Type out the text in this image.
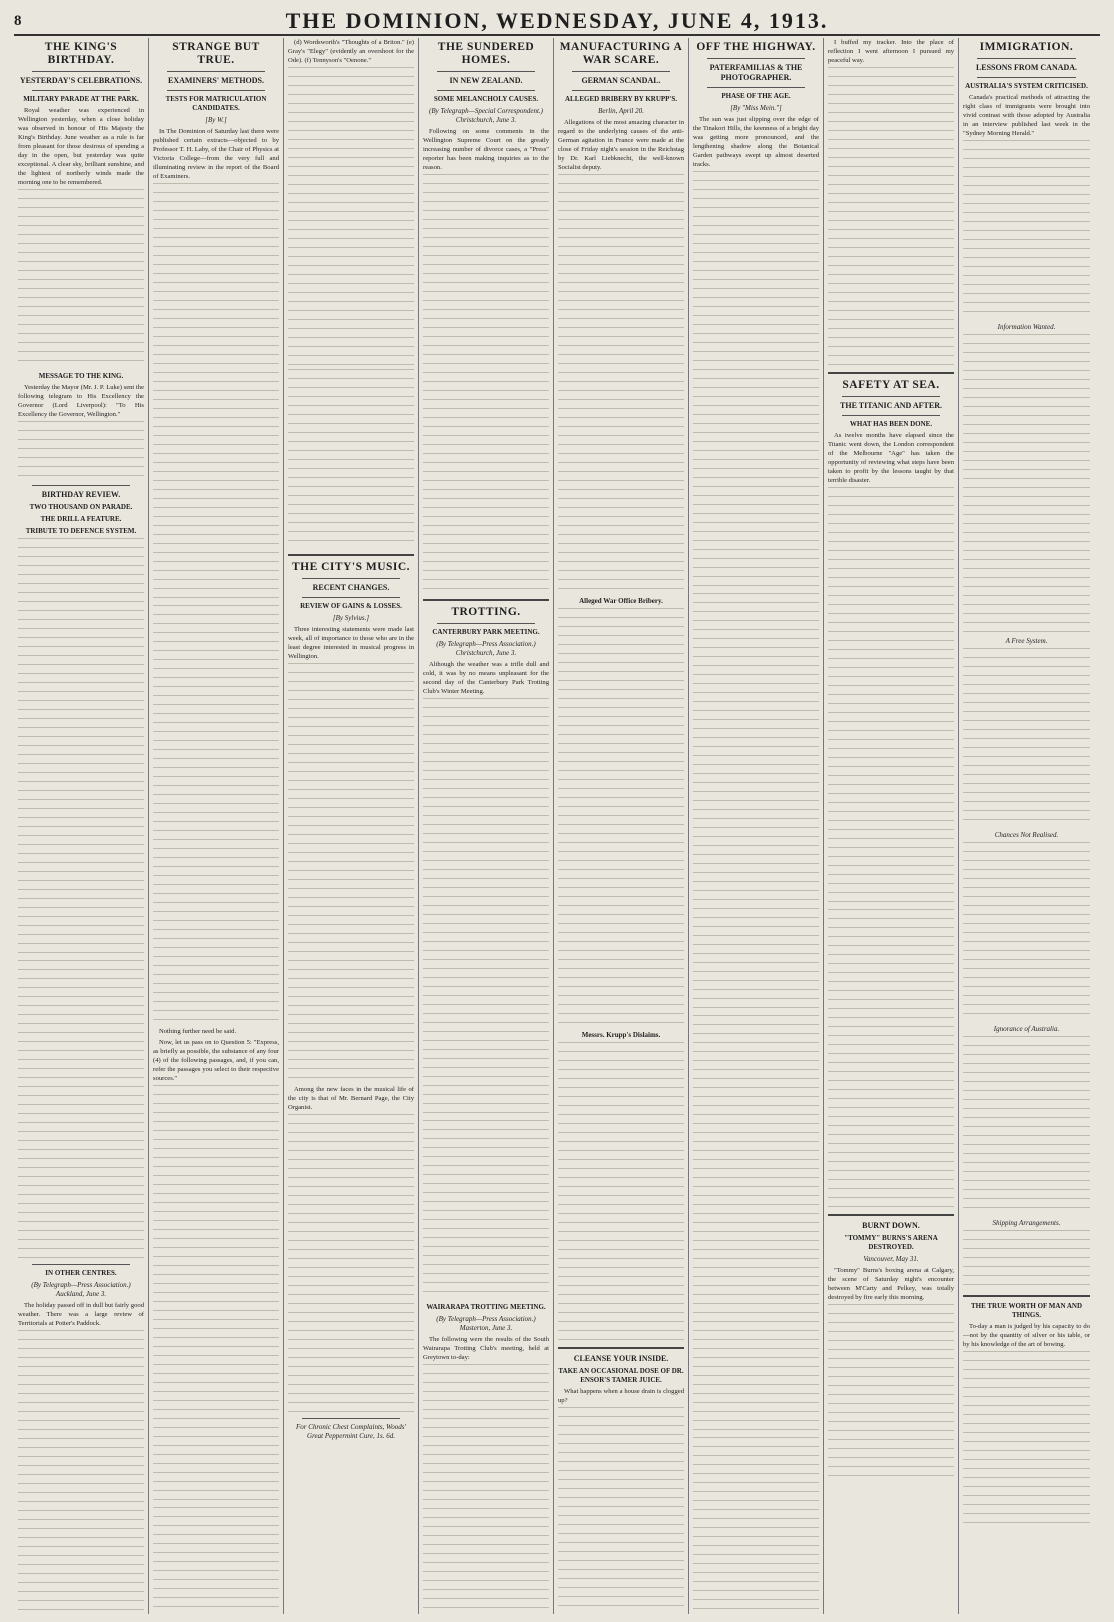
8	THE DOMINION, WEDNESDAY, JUNE 4, 1913.
THE KING'S BIRTHDAY.
YESTERDAY'S CELEBRATIONS.
MILITARY PARADE AT THE PARK.

Royal weather was experienced in Wellington yesterday, when a close holiday was observed in honour of His Majesty the King's Birthday. June weather as a rule is far from pleasant for those desirous of spending a day in the open, but yesterday was quite exceptional. A clear sky, brilliant sunshine, and the lightest of northerly winds made the morning one to be remembered.

MESSAGE TO THE KING.

Yesterday the Mayor (Mr. J. P. Luke) sent the following telegram to His Excellency the Governor (Lord Liverpool): "To His Excellency the Governor, Wellington."

BIRTHDAY REVIEW.
TWO THOUSAND ON PARADE.
THE DRILL A FEATURE.
TRIBUTE TO DEFENCE SYSTEM.
IN OTHER CENTRES.
(By Telegraph—Press Association.) Auckland, June 3.

The holiday passed off in dull but fairly good weather. There was a large review of Territorials at Potter's Paddock.

STRANGE BUT TRUE.
EXAMINERS' METHODS.
TESTS FOR MATRICULATION CANDIDATES.
[By W.]

In The Dominion of Saturday last there were published certain extracts—objected to by Professor T. H. Laby, of the Chair of Physics at Victoria College—from the very full and illuminating review in the report of the Board of Examiners.

Nothing further need be said.

Now, let us pass on to Question 5: "Express, as briefly as possible, the substance of any four (4) of the following passages, and, if you can, refer the passages you select to their respective sources."

(d) Wordsworth's "Thoughts of a Briton." (e) Gray's "Elegy" (evidently an overshoot for the Ode). (f) Tennyson's "Oenone."

THE CITY'S MUSIC.
RECENT CHANGES.
REVIEW OF GAINS & LOSSES.
[By Sylvius.]

Three interesting statements were made last week, all of importance to those who are in the least degree interested in musical progress in Wellington.

Among the new faces in the musical life of the city is that of Mr. Bernard Page, the City Organist.

For Chronic Chest Complaints, Woods' Great Peppermint Cure, 1s. 6d.
THE SUNDERED HOMES.
IN NEW ZEALAND.
SOME MELANCHOLY CAUSES.
(By Telegraph—Special Correspondent.) Christchurch, June 3.

Following on some comments in the Wellington Supreme Court on the greatly increasing number of divorce cases, a "Press" reporter has been making inquiries as to the reason.

TROTTING.
CANTERBURY PARK MEETING.
(By Telegraph—Press Association.) Christchurch, June 3.

Although the weather was a trifle dull and cold, it was by no means unpleasant for the second day of the Canterbury Park Trotting Club's Winter Meeting.

WAIRARAPA TROTTING MEETING.
(By Telegraph—Press Association.) Masterton, June 3.

The following were the results of the South Wairarapa Trotting Club's meeting, held at Greytown to-day:

MANUFACTURING A WAR SCARE.
GERMAN SCANDAL.
ALLEGED BRIBERY BY KRUPP'S.
Berlin, April 20.

Allegations of the most amazing character in regard to the underlying causes of the anti-German agitation in France were made at the close of Friday night's session in the Reichstag by Dr. Karl Liebknecht, the well-known Socialist deputy.

Alleged War Office Bribery.
Messrs. Krupp's Dislaims.
CLEANSE YOUR INSIDE.
TAKE AN OCCASIONAL DOSE OF DR. ENSOR'S TAMER JUICE.

What happens when a house drain is clogged up?

OFF THE HIGHWAY.
PATERFAMILIAS & THE PHOTOGRAPHER.
PHASE OF THE AGE.
[By "Miss Mein."]

The sun was just slipping over the edge of the Tinakori Hills, the keenness of a bright day was getting more pronounced, and the lengthening shadow along the Botanical Garden pathways swept up almost deserted tracks.

I buffed my tracker. Into the place of reflection I went afternoon I pursued my peaceful way.

SAFETY AT SEA.
THE TITANIC AND AFTER.
WHAT HAS BEEN DONE.

As twelve months have elapsed since the Titanic went down, the London correspondent of the Melbourne "Age" has taken the opportunity of reviewing what steps have been taken to profit by the lessons taught by that terrible disaster.

BURNT DOWN.
"TOMMY" BURNS'S ARENA DESTROYED.
Vancouver, May 31.

"Tommy" Burns's boxing arena at Calgary, the scene of Saturday night's encounter between M'Carty and Pelkey, was totally destroyed by fire early this morning.

IMMIGRATION.
LESSONS FROM CANADA.
AUSTRALIA'S SYSTEM CRITICISED.

Canada's practical methods of attracting the right class of immigrants were brought into vivid contrast with those adopted by Australia in an interview published last week in the "Sydney Morning Herald."

Information Wanted.
A Free System.
Chances Not Realised.
Ignorance of Australia.
Shipping Arrangements.
THE TRUE WORTH OF MAN AND THINGS.

To-day a man is judged by his capacity to do—not by the quantity of silver or his table, or by his knowledge of the art of bowing.
